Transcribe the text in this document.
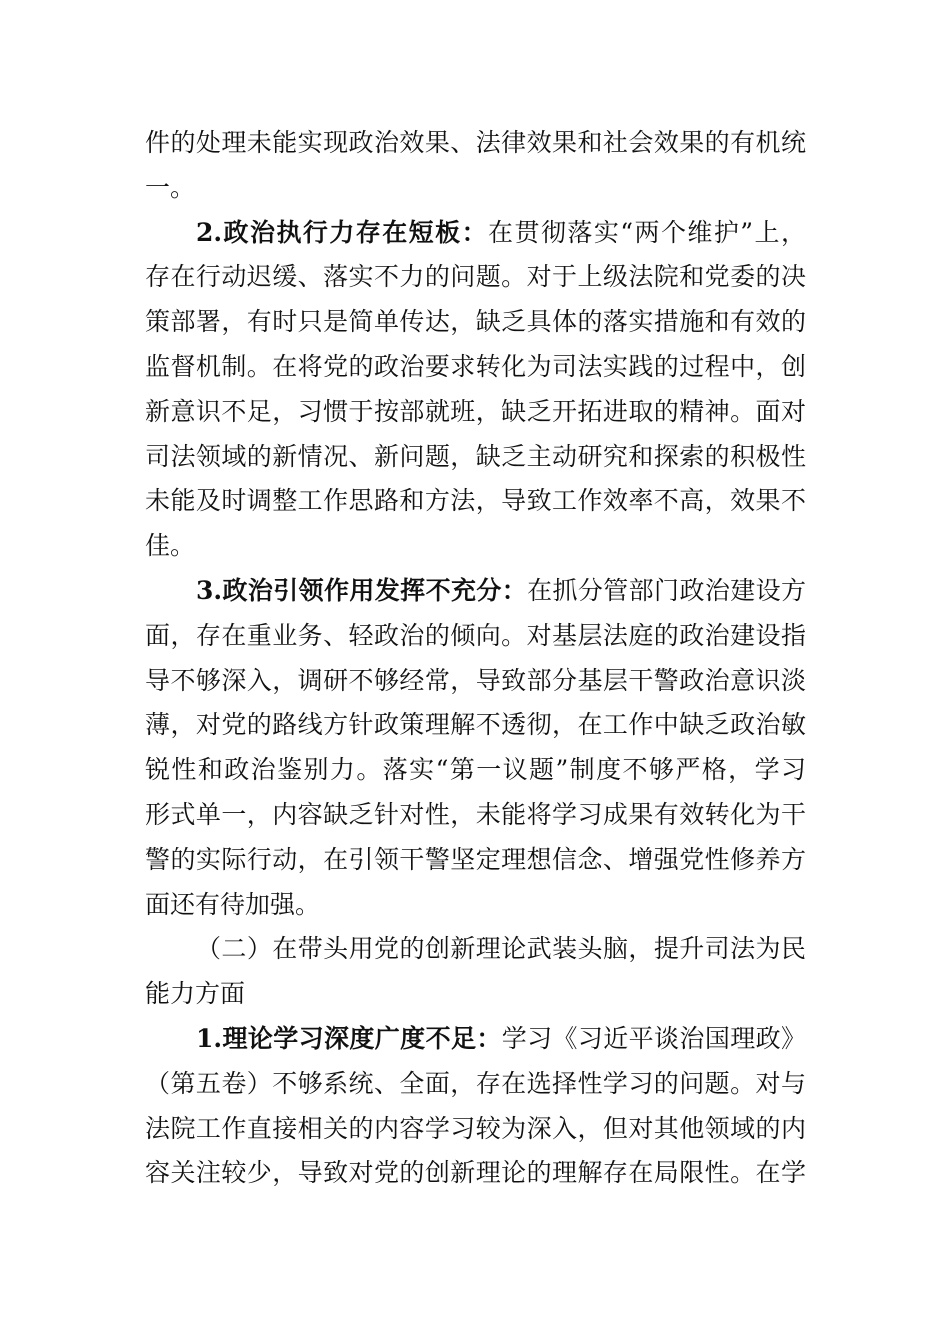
件的处理未能实现政治效果、法律效果和社会效果的有机统
一。
2.政治执行力存在短板：在贯彻落实“两个维护”上，
存在行动迟缓、落实不力的问题。对于上级法院和党委的决
策部署，有时只是简单传达，缺乏具体的落实措施和有效的
监督机制。在将党的政治要求转化为司法实践的过程中，创
新意识不足，习惯于按部就班，缺乏开拓进取的精神。面对
司法领域的新情况、新问题，缺乏主动研究和探索的积极性
未能及时调整工作思路和方法，导致工作效率不高，效果不
佳。
3.政治引领作用发挥不充分：在抓分管部门政治建设方
面，存在重业务、轻政治的倾向。对基层法庭的政治建设指
导不够深入，调研不够经常，导致部分基层干警政治意识淡
薄，对党的路线方针政策理解不透彻，在工作中缺乏政治敏
锐性和政治鉴别力。落实“第一议题”制度不够严格，学习
形式单一，内容缺乏针对性，未能将学习成果有效转化为干
警的实际行动，在引领干警坚定理想信念、增强党性修养方
面还有待加强。
（二）在带头用党的创新理论武装头脑，提升司法为民
能力方面
1.理论学习深度广度不足：学习《习近平谈治国理政》
（第五卷）不够系统、全面，存在选择性学习的问题。对与
法院工作直接相关的内容学习较为深入，但对其他领域的内
容关注较少，导致对党的创新理论的理解存在局限性。在学
